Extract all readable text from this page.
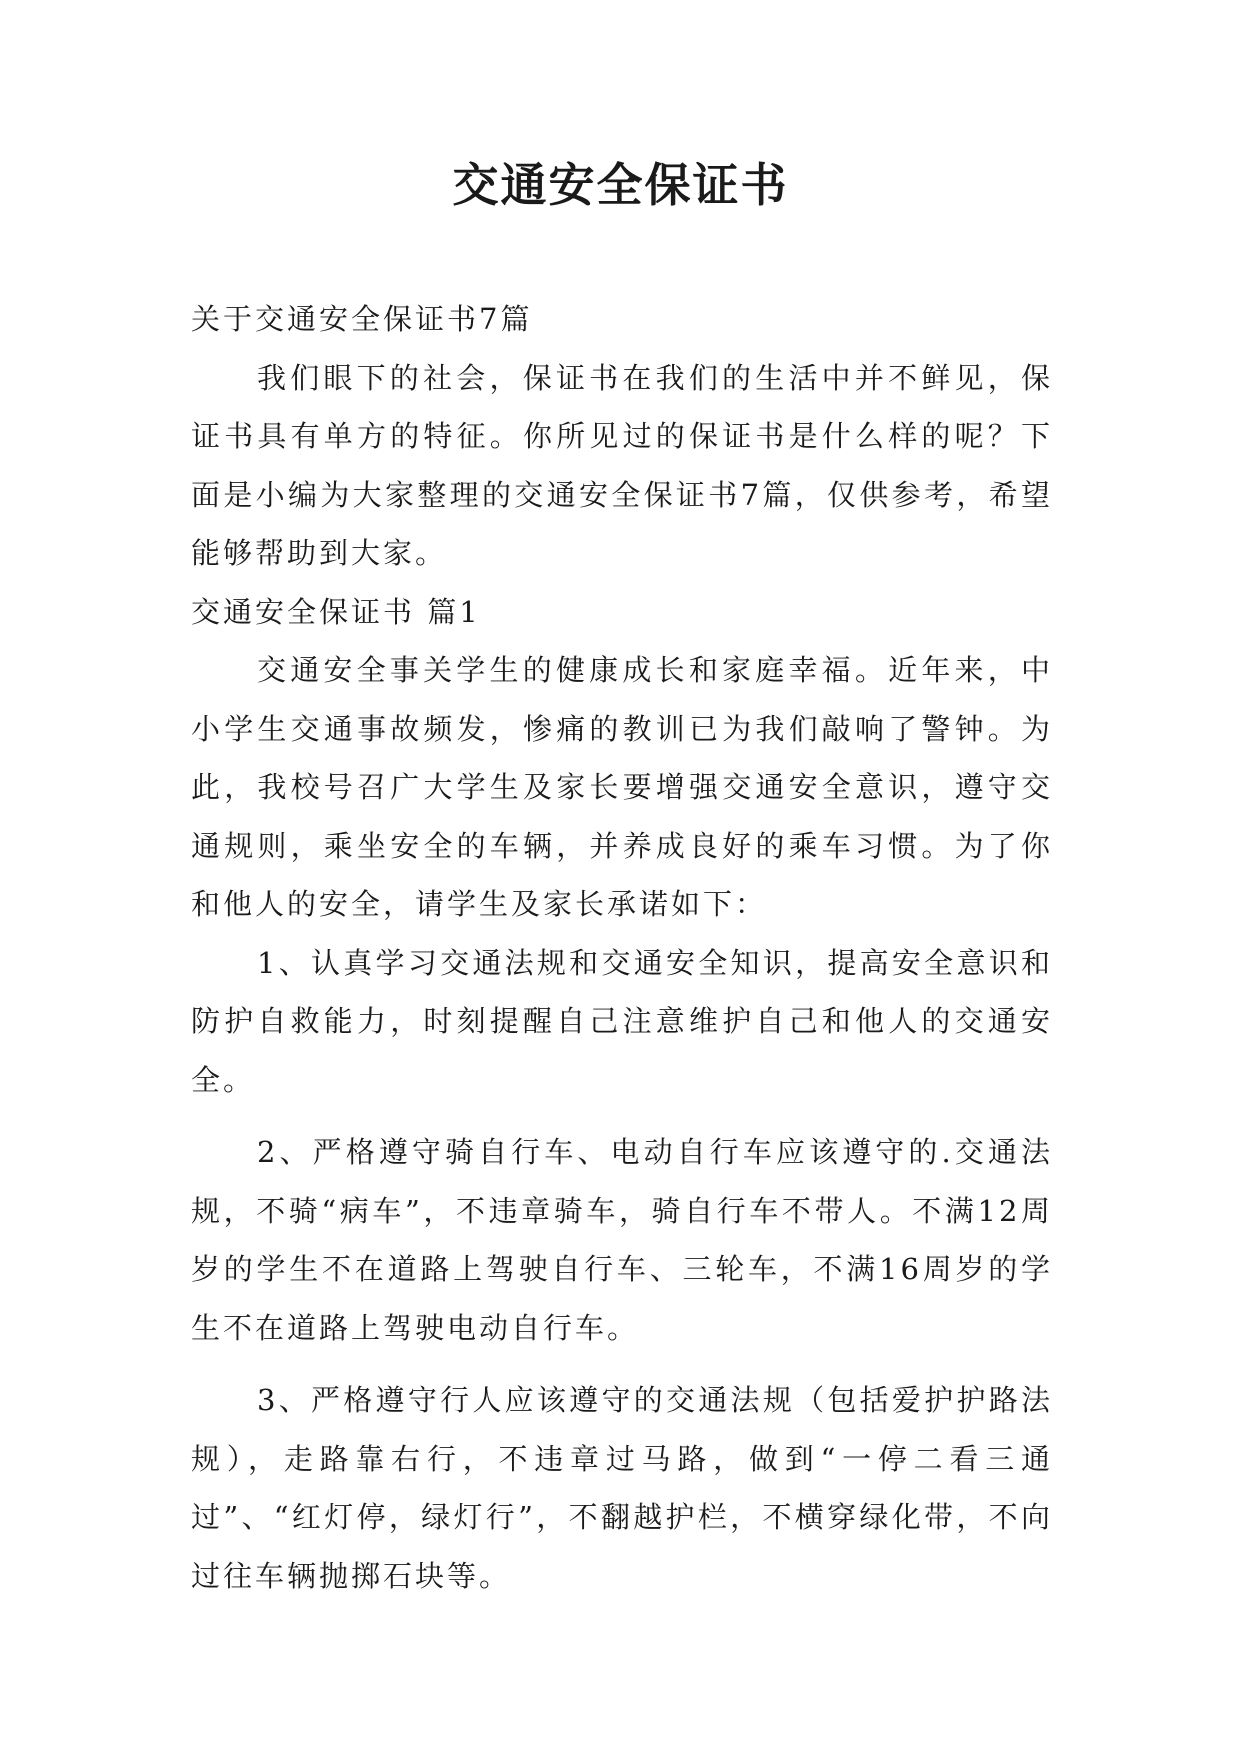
交通安全保证书

关于交通安全保证书7篇

我们眼下的社会，保证书在我们的生活中并不鲜见，保证书具有单方的特征。你所见过的保证书是什么样的呢？下面是小编为大家整理的交通安全保证书7篇，仅供参考，希望能够帮助到大家。

交通安全保证书 篇1

交通安全事关学生的健康成长和家庭幸福。近年来，中小学生交通事故频发，惨痛的教训已为我们敲响了警钟。为此，我校号召广大学生及家长要增强交通安全意识，遵守交通规则，乘坐安全的车辆，并养成良好的乘车习惯。为了你和他人的安全，请学生及家长承诺如下：

1、认真学习交通法规和交通安全知识，提高安全意识和防护自救能力，时刻提醒自己注意维护自己和他人的交通安全。

2、严格遵守骑自行车、电动自行车应该遵守的.交通法规，不骑“病车”，不违章骑车，骑自行车不带人。不满12周岁的学生不在道路上驾驶自行车、三轮车，不满16周岁的学生不在道路上驾驶电动自行车。

3、严格遵守行人应该遵守的交通法规（包括爱护护路法规），走路靠右行，不违章过马路，做到“一停二看三通过”、“红灯停，绿灯行”，不翻越护栏，不横穿绿化带，不向过往车辆抛掷石块等。
